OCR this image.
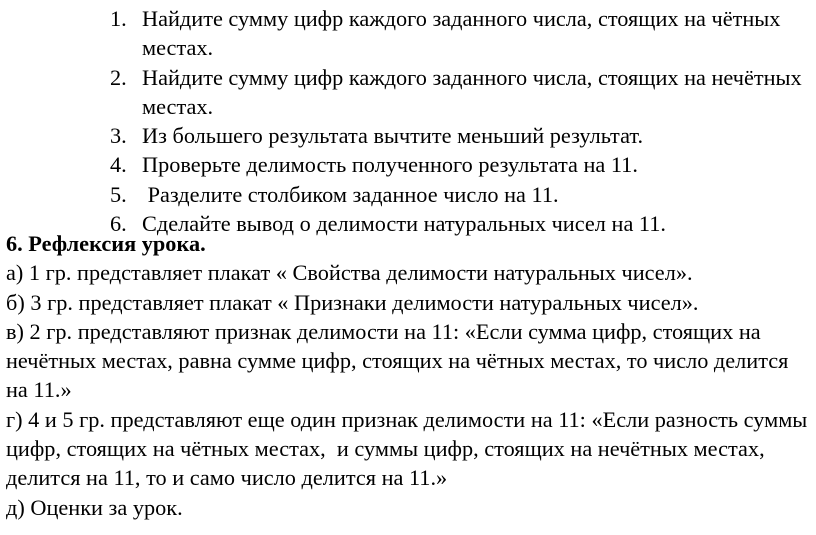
1. Найдите сумму цифр каждого заданного числа, стоящих на чётных местах.
2. Найдите сумму цифр каждого заданного числа, стоящих на нечётных местах.
3. Из большего результата вычтите меньший результат.
4. Проверьте делимость полученного результата на 11.
5. Разделите столбиком заданное число на 11.
6. Сделайте вывод о делимости натуральных чисел на 11.
6. Рефлексия урока.

а) 1 гр. представляет плакат « Свойства делимости натуральных чисел».

б) 3 гр. представляет плакат « Признаки делимости натуральных чисел».

в) 2 гр. представляют признак делимости на 11: «Если сумма цифр, стоящих на нечётных местах, равна сумме цифр, стоящих на чётных местах, то число делится на 11.»

г) 4 и 5 гр. представляют еще один признак делимости на 11: «Если разность суммы цифр, стоящих на чётных местах,  и суммы цифр, стоящих на нечётных местах, делится на 11, то и само число делится на 11.»

д) Оценки за урок.
